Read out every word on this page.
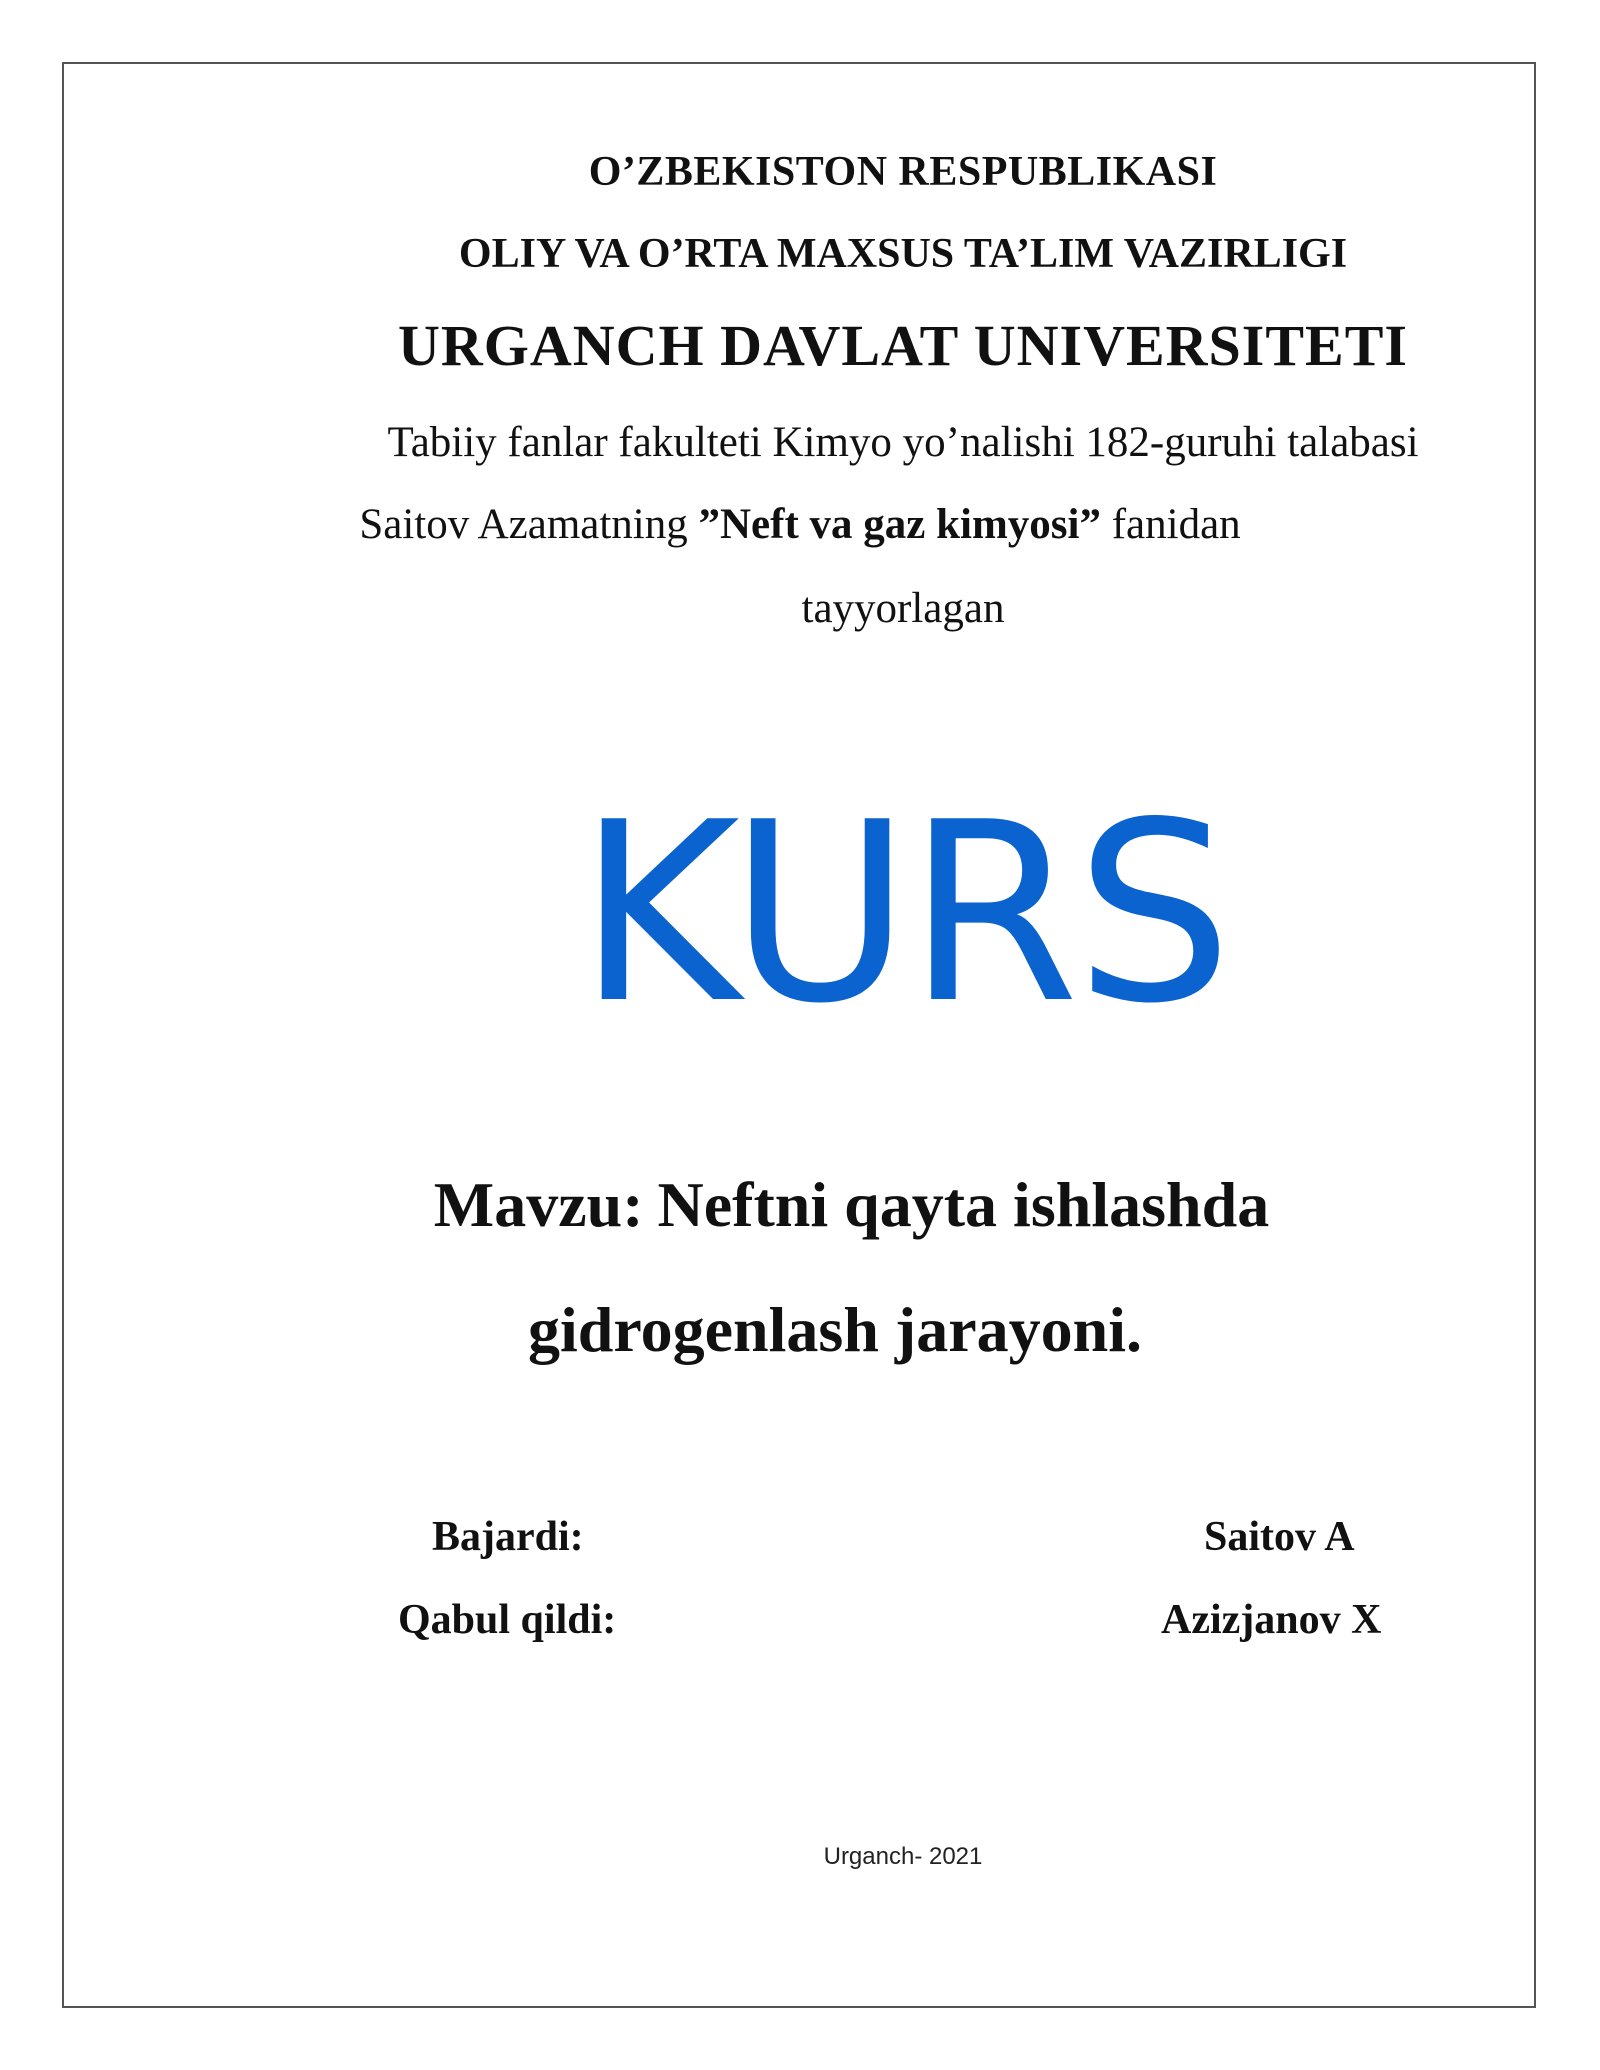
O’ZBEKISTON RESPUBLIKASI
OLIY VA O’RTA MAXSUS TA’LIM VAZIRLIGI
URGANCH DAVLAT UNIVERSITETI
Tabiiy fanlar fakulteti Kimyo yo’nalishi 182-guruhi talabasi
Saitov Azamatning ”Neft va gaz kimyosi” fanidan
tayyorlagan
KURS
Mavzu: Neftni qayta ishlashda
gidrogenlash jarayoni.
Bajardi:	Saitov A
Qabul qildi:	Azizjanov X
Urganch- 2021
